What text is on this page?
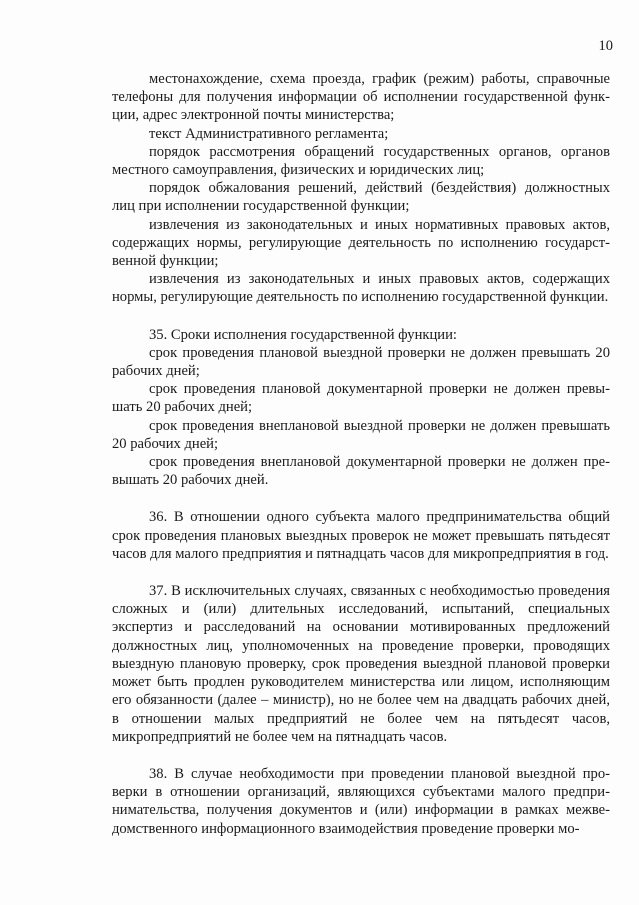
10

местонахождение, схема проезда, график (режим) работы, справочные телефоны для получения информации об исполнении государственной функции, адрес электронной почты министерства;

текст Административного регламента;

порядок рассмотрения обращений государственных органов, органов местного самоуправления, физических и юридических лиц;

порядок обжалования решений, действий (бездействия) должностных лиц при исполнении государственной функции;

извлечения из законодательных и иных нормативных правовых актов, содержащих нормы, регулирующие деятельность по исполнению государственной функции;

извлечения из законодательных и иных правовых актов, содержащих нормы, регулирующие деятельность по исполнению государственной функции.

35. Сроки исполнения государственной функции:

срок проведения плановой выездной проверки не должен превышать 20 рабочих дней;

срок проведения плановой документарной проверки не должен превышать 20 рабочих дней;

срок проведения внеплановой выездной проверки не должен превышать 20 рабочих дней;

срок проведения внеплановой документарной проверки не должен превышать 20 рабочих дней.

36. В отношении одного субъекта малого предпринимательства общий срок проведения плановых выездных проверок не может превышать пятьдесят часов для малого предприятия и пятнадцать часов для микропредприятия в год.

37. В исключительных случаях, связанных с необходимостью проведения сложных и (или) длительных исследований, испытаний, специальных экспертиз и расследований на основании мотивированных предложений должностных лиц, уполномоченных на проведение проверки, проводящих выездную плановую проверку, срок проведения выездной плановой проверки может быть продлен руководителем министерства или лицом, исполняющим его обязанности (далее – министр), но не более чем на двадцать рабочих дней, в отношении малых предприятий не более чем на пятьдесят часов, микропредприятий не более чем на пятнадцать часов.

38. В случае необходимости при проведении плановой выездной проверки в отношении организаций, являющихся субъектами малого предпринимательства, получения документов и (или) информации в рамках межведомственного информационного взаимодействия проведение проверки мо-
